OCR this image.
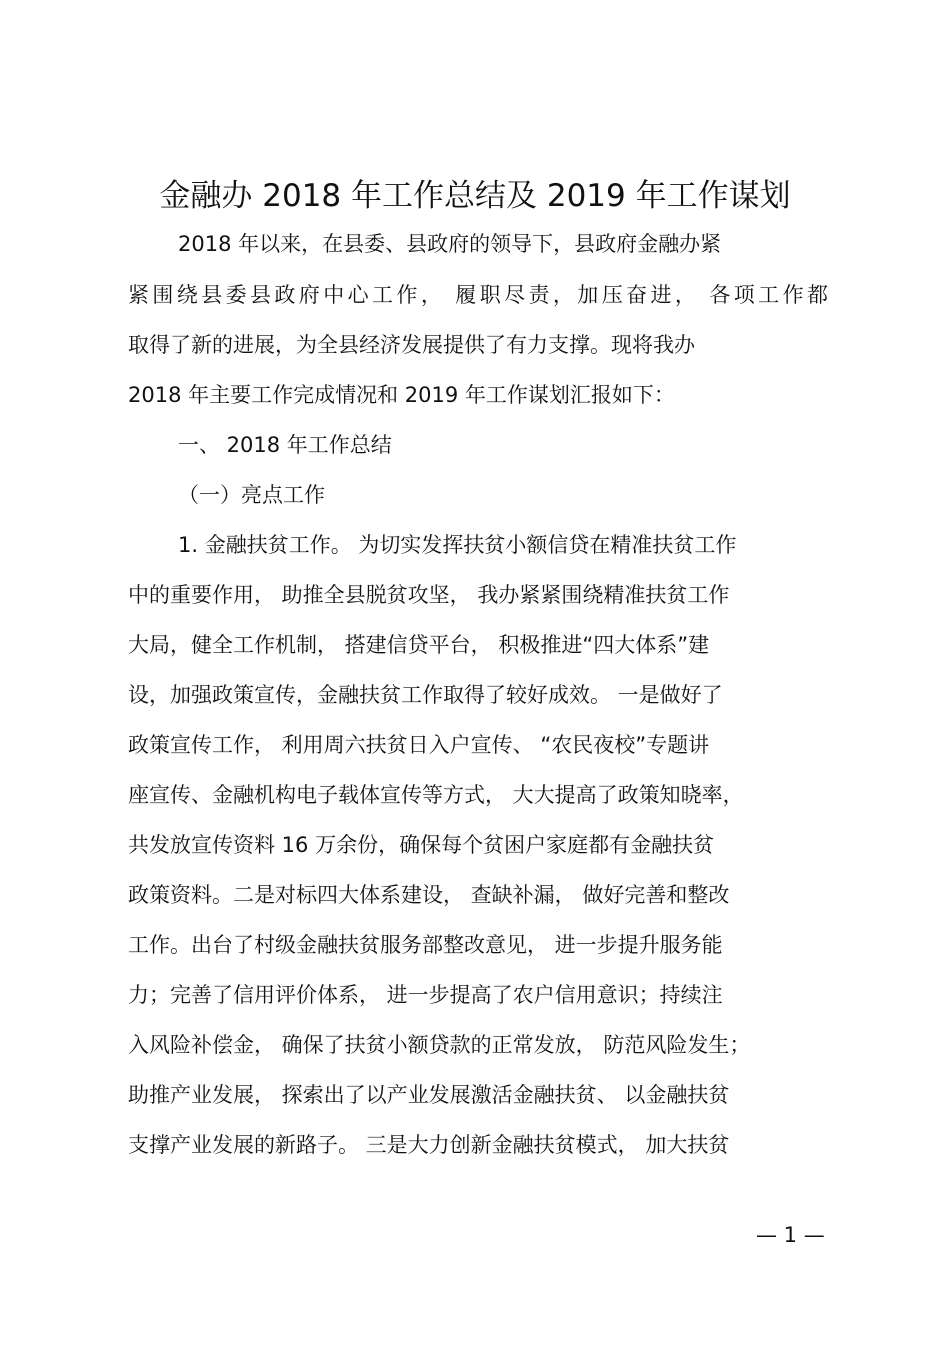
金融办 2018 年工作总结及 2019 年工作谋划
2018 年以来，在县委、县政府的领导下，县政府金融办紧
紧围绕县委县政府中心工作， 履职尽责，加压奋进， 各项工作都
取得了新的进展，为全县经济发展提供了有力支撑。现将我办
2018 年主要工作完成情况和 2019 年工作谋划汇报如下：
一、 2018 年工作总结
（一）亮点工作
1. 金融扶贫工作。 为切实发挥扶贫小额信贷在精准扶贫工作
中的重要作用， 助推全县脱贫攻坚， 我办紧紧围绕精准扶贫工作
大局，健全工作机制， 搭建信贷平台， 积极推进“四大体系”建
设，加强政策宣传，金融扶贫工作取得了较好成效。 一是做好了
政策宣传工作， 利用周六扶贫日入户宣传、 “农民夜校”专题讲
座宣传、金融机构电子载体宣传等方式， 大大提高了政策知晓率，
共发放宣传资料 16 万余份，确保每个贫困户家庭都有金融扶贫
政策资料。二是对标四大体系建设， 查缺补漏， 做好完善和整改
工作。出台了村级金融扶贫服务部整改意见， 进一步提升服务能
力；完善了信用评价体系， 进一步提高了农户信用意识；持续注
入风险补偿金， 确保了扶贫小额贷款的正常发放， 防范风险发生；
助推产业发展， 探索出了以产业发展激活金融扶贫、 以金融扶贫
支撑产业发展的新路子。 三是大力创新金融扶贫模式， 加大扶贫
— 1 —
